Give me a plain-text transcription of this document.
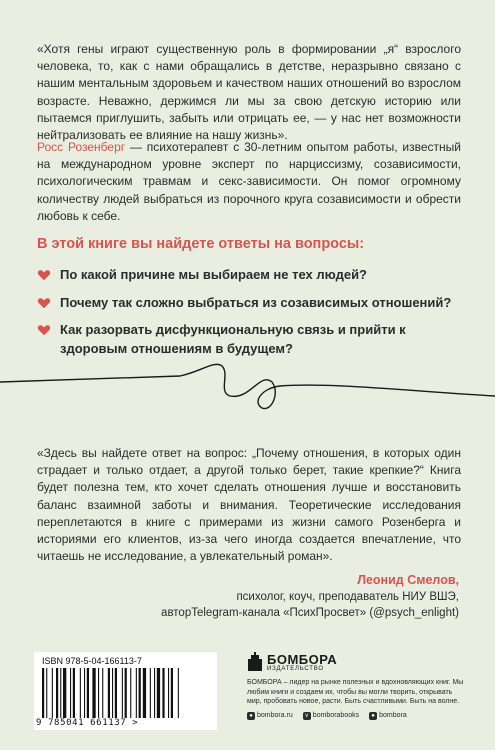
«Хотя гены играют существенную роль в формировании „я“ взрослого человека, то, как с нами обращались в детстве, неразрывно связано с нашим ментальным здоровьем и качеством наших отношений во взрослом возрасте. Неважно, держимся ли мы за свою детскую историю или пытаемся приглушить, забыть или отрицать ее, — у нас нет возможности нейтрализовать ее влияние на нашу жизнь».

Росс Розенберг — психотерапевт с 30-летним опытом работы, известный на международном уровне эксперт по нарциссизму, созависимости, психологическим травмам и секс-зависимости. Он помог огромному количеству людей выбраться из порочного круга созависимости и обрести любовь к себе.

В этой книге вы найдете ответы на вопросы:
По какой причине мы выбираем не тех людей?
Почему так сложно выбраться из созависимых отношений?
Как разорвать дисфункциональную связь и прийти к здоровым отношениям в будущем?

«Здесь вы найдете ответ на вопрос: „Почему отношения, в которых один страдает и только отдает, а другой только берет, такие крепкие?“ Книга будет полезна тем, кто хочет сделать отношения лучше и восстановить баланс взаимной заботы и внимания. Теоретические исследования переплетаются в книге с примерами из жизни самого Розенберга и историями его клиентов, из-за чего иногда создается впечатление, что читаешь не исследование, а увлекательный роман».

Леонид Смелов,

психолог, коуч, преподаватель НИУ ВШЭ,

авторTelegram-канала «ПсихПросвет» (@psych_enlight)

ISBN 978-5-04-166113-7
9 785041 661137 >
БОМБОРА
ИЗДАТЕЛЬСТВО
БОМБОРА – лидер на рынке полезных и вдохновляющих книг. Мы любим книги и создаем их, чтобы вы могли творить, открывать мир, пробовать новое, расти. Быть счастливыми. Быть на волне.
● bombora.ru	v bomborabooks	● bombora
